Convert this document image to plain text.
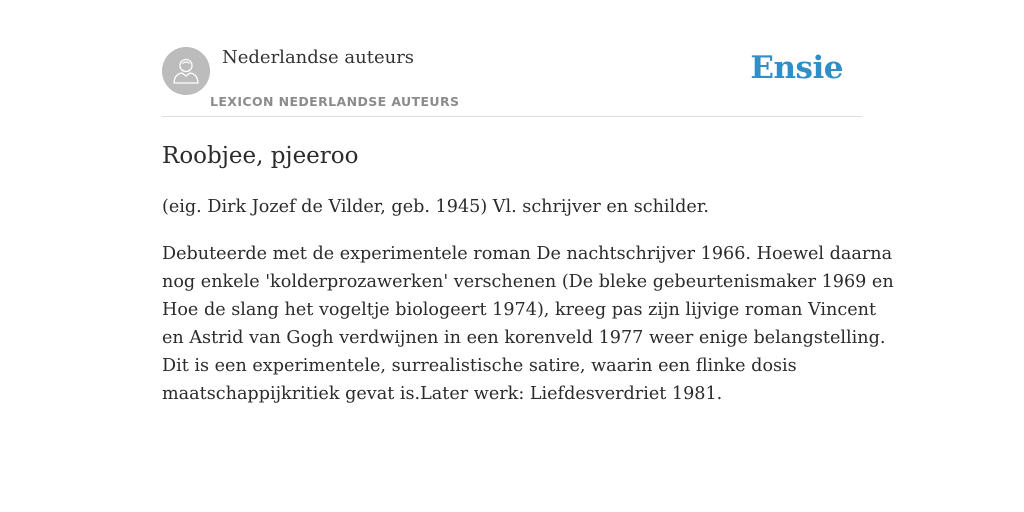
Nederlandse auteurs
LEXICON NEDERLANDSE AUTEURS
Ensie
Roobjee, pjeeroo

(eig. Dirk Jozef de Vilder, geb. 1945) Vl. schrijver en schilder.

Debuteerde met de experimentele roman De nachtschrijver 1966. Hoewel daarna
nog enkele 'kolderprozawerken' verschenen (De bleke gebeurtenismaker 1969 en
Hoe de slang het vogeltje biologeert 1974), kreeg pas zijn lijvige roman Vincent
en Astrid van Gogh verdwijnen in een korenveld 1977 weer enige belangstelling.
Dit is een experimentele, surrealistische satire, waarin een flinke dosis
maatschappijkritiek gevat is.Later werk: Liefdesverdriet 1981.
